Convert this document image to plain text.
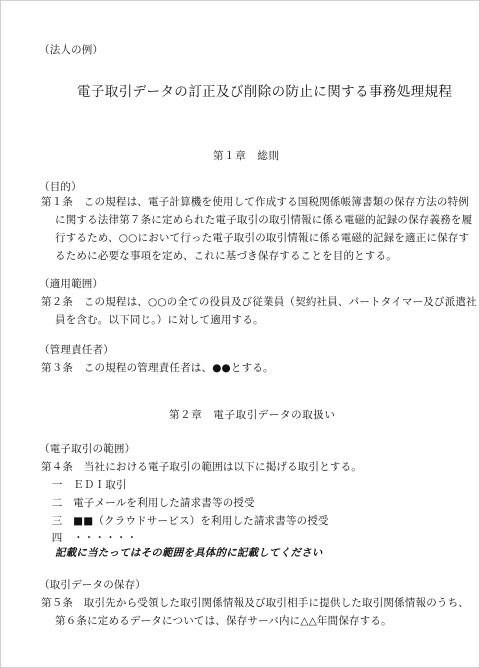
（法人の例）
電子取引データの訂正及び削除の防止に関する事務処理規程
第１章　総則
（目的）
第１条　この規程は、電子計算機を使用して作成する国税関係帳簿書類の保存方法の特例
に関する法律第７条に定められた電子取引の取引情報に係る電磁的記録の保存義務を履
行するため、○○において行った電子取引の取引情報に係る電磁的記録を適正に保存す
るために必要な事項を定め、これに基づき保存することを目的とする。
（適用範囲）
第２条　この規程は、○○の全ての役員及び従業員（契約社員、パートタイマー及び派遣社
員を含む。以下同じ。）に対して適用する。
（管理責任者）
第３条　この規程の管理責任者は、●●とする。
第２章　電子取引データの取扱い
（電子取引の範囲）
第４条　当社における電子取引の範囲は以下に掲げる取引とする。
　一　ＥＤＩ取引
　二　電子メールを利用した請求書等の授受
　三　■■（クラウドサービス）を利用した請求書等の授受
　四　・・・・・・
記載に当たってはその範囲を具体的に記載してください
（取引データの保存）
第５条　取引先から受領した取引関係情報及び取引相手に提供した取引関係情報のうち、
第６条に定めるデータについては、保存サーバ内に△△年間保存する。
